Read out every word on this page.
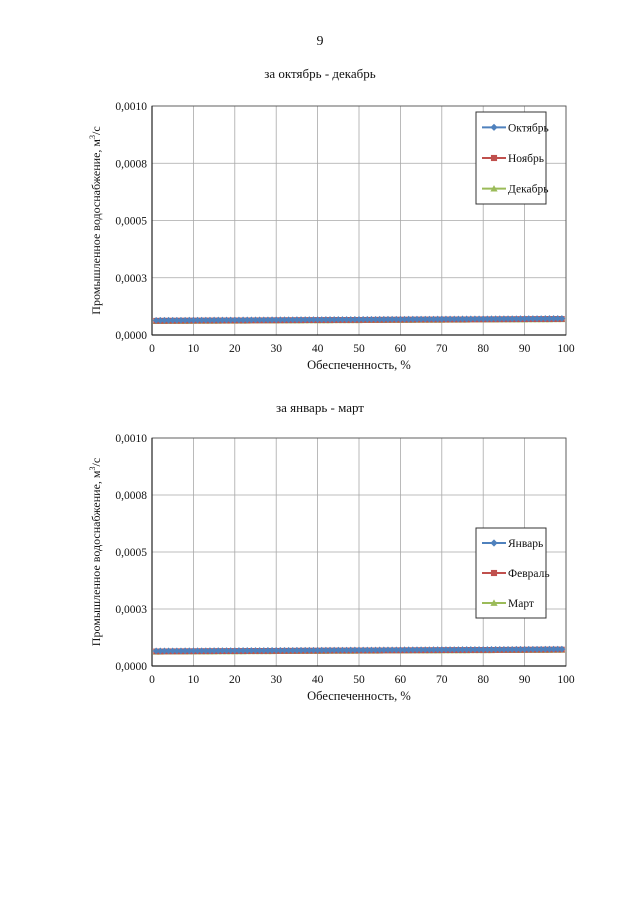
9
за октябрь - декабрь
0	10	20	30	40	50	60	70	80	90 100
0,0000
0,0003
0,0005
0,0008
0,0010
Обеспеченность, %
Промышленное водоснабжение, $м^3/с$	Октябрь
Ноябрь
Декабрь
за январь - март
0	10	20	30	40	50	60	70	80	90 100
0,0000
0,0003
0,0005
0,0008
0,0010
Обеспеченность, %
Промышленное водоснабжение, $м^3/с$
Январь
Февраль
Март
